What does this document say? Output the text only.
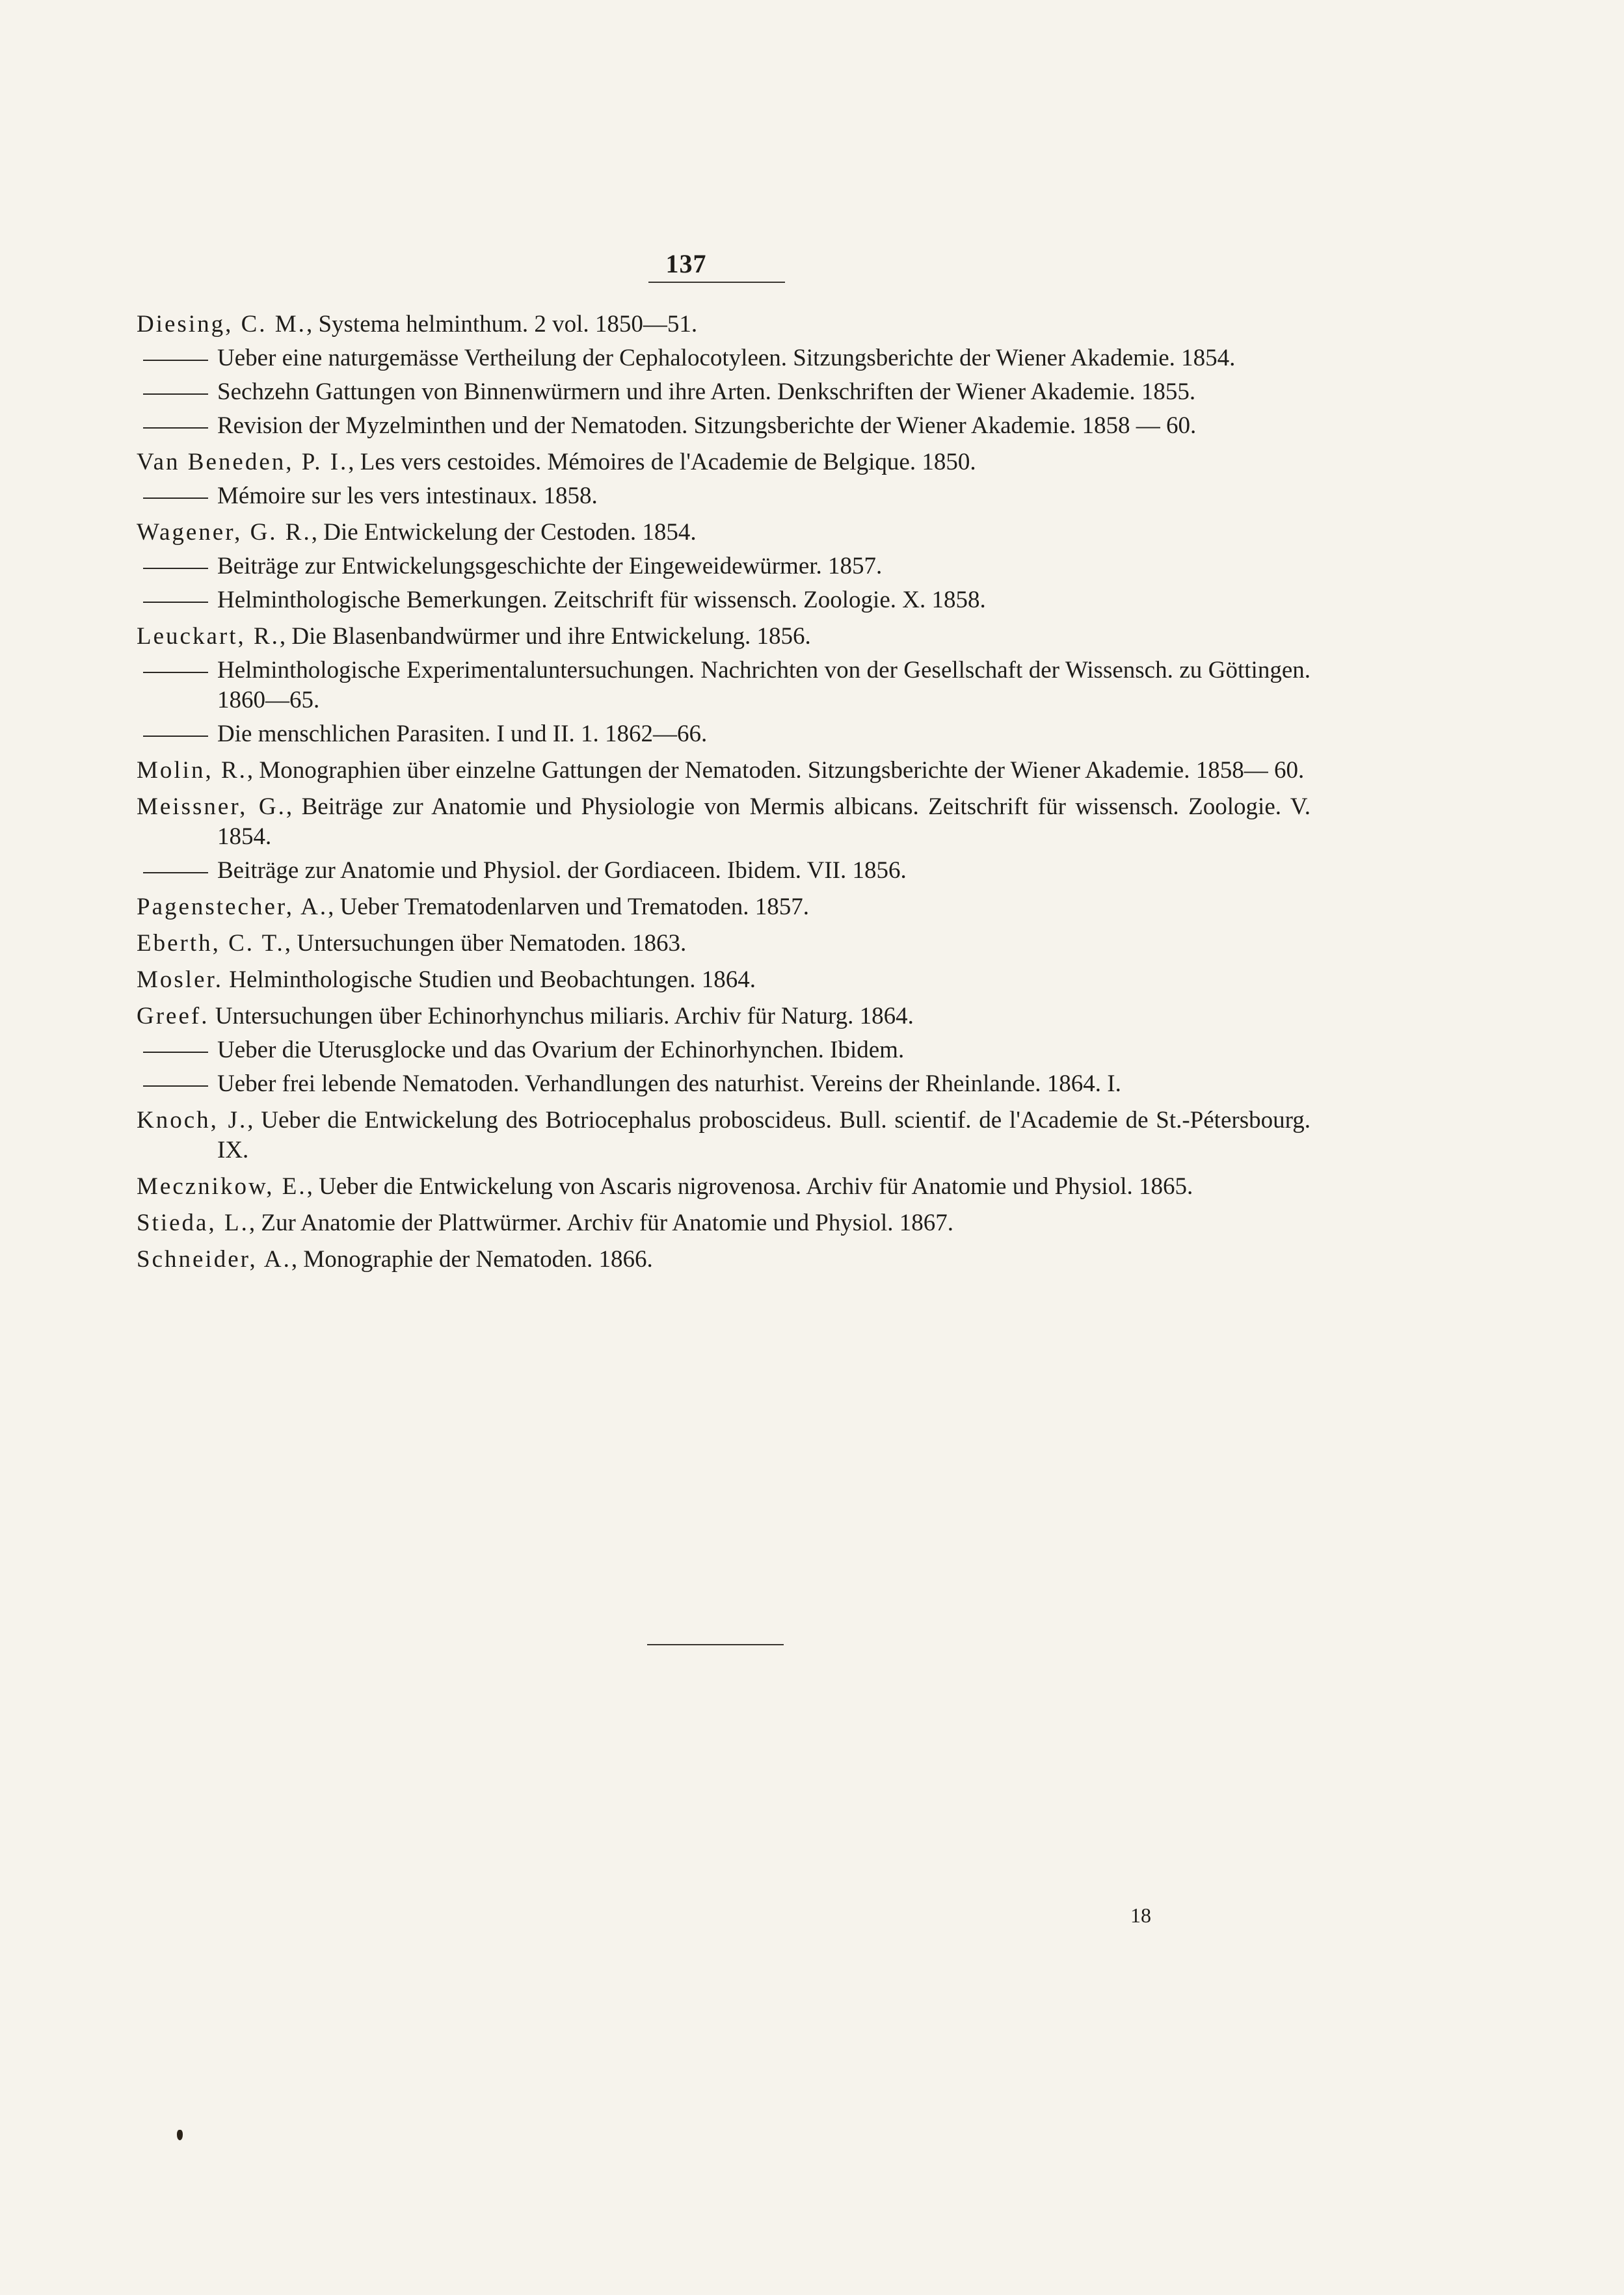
137

Diesing, C. M., Systema helminthum. 2 vol. 1850—51.

Ueber eine naturgemässe Vertheilung der Cephalocotyleen. Sitzungsberichte der Wiener Akademie. 1854.

Sechzehn Gattungen von Binnenwürmern und ihre Arten. Denkschriften der Wiener Akademie. 1855.

Revision der Myzelminthen und der Nematoden. Sitzungsberichte der Wiener Akademie. 1858 — 60.

Van Beneden, P. I., Les vers cestoides. Mémoires de l'Academie de Belgique. 1850.

Mémoire sur les vers intestinaux. 1858.

Wagener, G. R., Die Entwickelung der Cestoden. 1854.

Beiträge zur Entwickelungsgeschichte der Eingeweidewürmer. 1857.

Helminthologische Bemerkungen. Zeitschrift für wissensch. Zoologie. X. 1858.

Leuckart, R., Die Blasenbandwürmer und ihre Entwickelung. 1856.

Helminthologische Experimentaluntersuchungen. Nachrichten von der Gesellschaft der Wissensch. zu Göttingen. 1860—65.

Die menschlichen Parasiten. I und II. 1. 1862—66.

Molin, R., Monographien über einzelne Gattungen der Nematoden. Sitzungsberichte der Wiener Akademie. 1858— 60.

Meissner, G., Beiträge zur Anatomie und Physiologie von Mermis albicans. Zeitschrift für wissensch. Zoologie. V. 1854.

Beiträge zur Anatomie und Physiol. der Gordiaceen. Ibidem. VII. 1856.

Pagenstecher, A., Ueber Trematodenlarven und Trematoden. 1857.

Eberth, C. T., Untersuchungen über Nematoden. 1863.

Mosler. Helminthologische Studien und Beobachtungen. 1864.

Greef. Untersuchungen über Echinorhynchus miliaris. Archiv für Naturg. 1864.

Ueber die Uterusglocke und das Ovarium der Echinorhynchen. Ibidem.

Ueber frei lebende Nematoden. Verhandlungen des naturhist. Vereins der Rheinlande. 1864. I.

Knoch, J., Ueber die Entwickelung des Botriocephalus proboscideus. Bull. scientif. de l'Academie de St.-Pétersbourg. IX.

Mecznikow, E., Ueber die Entwickelung von Ascaris nigrovenosa. Archiv für Anatomie und Physiol. 1865.

Stieda, L., Zur Anatomie der Plattwürmer. Archiv für Anatomie und Physiol. 1867.

Schneider, A., Monographie der Nematoden. 1866.

18
